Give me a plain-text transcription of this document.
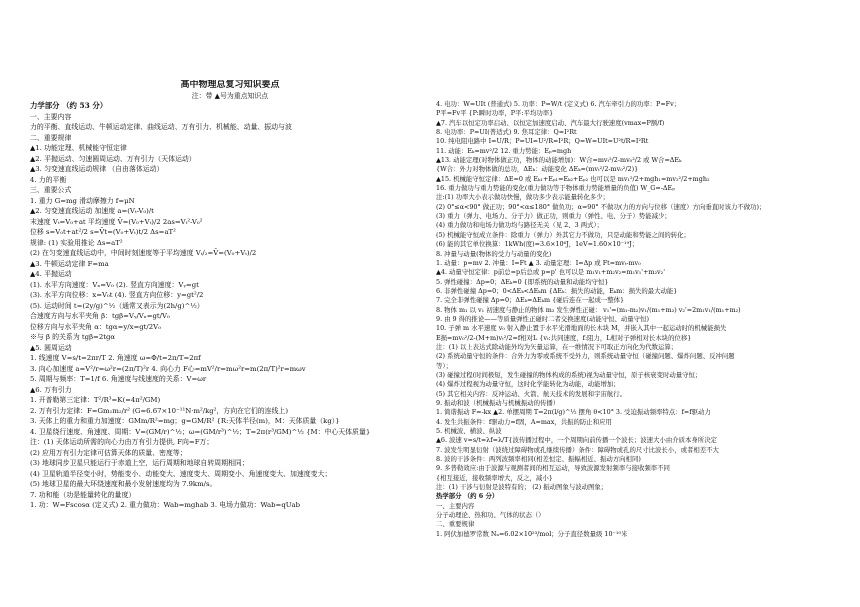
高中物理总复习知识要点
注：带 ▲号为重点知识点
力学部分 （约 53 分）
一、主要内容
力的平衡、直线运动、牛顿运动定律、曲线运动、万有引力、机械能、动量、振动与波
二、重要规律
▲1. 功能定理、机械能守恒定律
▲2. 平抛运动、匀速圆周运动、万有引力（天体运动）
▲3. 匀变速直线运动规律 （自由落体运动）
4. 力的平衡
三、重要公式
1. 重力 G=mg 滑动摩擦力 f=μN
▲2. 匀变速直线运动 加速度 a=(Vₜ-V₀)/t
末速度 Vₜ=V₀+at 平均速度 V̄=(V₀+Vₜ)/2 2as=Vₜ²-V₀²
位移 s=V₀t+at²/2 s=V̄t=(V₀+Vₜ)t/2 Δs=aT²
规律: (1) 实验用推论 Δs=aT²
(2) 在匀变速直线运动中，中间时刻速度等于平均速度 Vₜ/₂=V̄=(V₀+Vₜ)/2
▲3. 牛顿运动定律 F=ma
▲4. 平抛运动
(1). 水平方向速度：Vₓ=V₀ (2). 竖直方向速度：Vᵧ=gt
(3). 水平方向位移：x=V₀t (4). 竖直方向位移：y=gt²/2
(5). 运动时间 t=(2y/g)^½（通常又表示为(2h/g)^½）
合速度方向与水平夹角 β：tgβ=Vᵧ/Vₓ=gt/V₀
位移方向与水平夹角 α：tgα=y/x=gt/2V₀
※与 β 的关系为 tgβ=2tgα
▲5. 圆周运动
1. 线速度 V=s/t=2πr/T 2. 角速度 ω=Φ/t=2π/T=2πf
3. 向心加速度 a=V²/r=ω²r=(2π/T)²r 4. 向心力 F心=mV²/r=mω²r=m(2π/T)²r=mωv
5. 周期与频率：T=1/f 6. 角速度与线速度的关系：V=ωr
▲6. 万有引力
1. 开普勒第三定律：T²/R³=K(=4π²/GM)
2. 万有引力定律：F=Gm₁m₂/r² (G=6.67×10⁻¹¹N·m²/kg²，方向在它们的连线上)
3. 天体上的重力和重力加速度：GMm/R²=mg；g=GM/R² {R:天体半径(m)，M：天体质量（kg）}
4. 卫星绕行速度、角速度、周期：V=(GM/r)^½；ω=(GM/r³)^½；T=2π(r³/GM)^½ {M：中心天体质量}
注：(1) 天体运动所需的向心力由万有引力提供, F向=F万；
(2) 应用万有引力定律可估算天体的质量、密度等；
(3) 地球同步卫星只能运行于赤道上空，运行周期和地球自转周期相同；
(4) 卫星轨道半径变小时，势能变小、动能变大、速度变大、周期变小、角速度变大、加速度变大；
(5) 地球卫星的最大环绕速度和最小发射速度均为 7.9km/s。
7. 功和能（功是能量转化的量度）
1. 功：W=Fscosα (定义式) 2. 重力做功：Wab=mghab 3. 电场力做功：Wab=qUab
4. 电功：W=UIt (普通式) 5. 功率：P=W/t (定义式) 6. 汽车牵引力的功率：P=Fv；
P平=Fv平 {P:瞬时功率，P平:平均功率}
▲7. 汽车以恒定功率启动、以恒定加速度启动、汽车最大行驶速度(vmax=P额/f)
8. 电功率：P=UI(普适式) 9. 焦耳定律：Q=I²Rt
10. 纯电阻电路中 I=U/R；P=UI=U²/R=I²R；Q=W=UIt=U²t/R=I²Rt
11. 动能：Eₖ=mv²/2 12. 重力势能：Eₚ=mgh
▲13. 动能定理(对物体做正功，物体的动能增加)：W合=mvₜ²/2-mv₀²/2 或 W合=ΔEₖ
{W合：外力对物体做的总功，ΔEₖ：动能变化 ΔEₖ=(mvₜ²/2-mv₀²/2)}
▲15. 机械能守恒定律：ΔE=0 或 Eₖ₁+Eₚ₁=Eₖ₂+Eₚ₂ 也可以是 mv₁²/2+mgh₁=mv₂²/2+mgh₂
16. 重力做功与重力势能的变化(重力做功等于物体重力势能增量的负值) W_G=-ΔEₚ
注:(1) 功率大小表示做功快慢，做功多少表示能量转化多少；
(2) 0°≤α<90° 做正功；90°<α≤180° 做负功；α=90° 不做功(力的方向与位移（速度）方向垂直时该力不做功)；
(3) 重力（弹力、电场力、分子力）做正功，则重力（弹性、电、分子）势能减少；
(4) 重力做功和电场力做功均与路径无关（见 2、3 两式）；
(5) 机械能守恒成立条件：除重力（弹力）外其它力不做功，只是动能和势能之间的转化；
(6) 能的其它单位换算：1kWh(度)=3.6×10⁶J，1eV=1.60×10⁻¹⁹J；
8. 冲量与动量(物体的受力与动量的变化)
1. 动量：p=mv 2. 冲量：I=Ft ▲ 3. 动量定理：I=Δp 或 Ft=mvₜ-mv₀
▲4. 动量守恒定律：p前总=p后总或 p=p' 也可以是 m₁v₁+m₂v₂=m₁v₁'+m₂v₂'
5. 弹性碰撞：Δp=0；ΔEₖ=0 {即系统的动量和动能均守恒}
6. 非弹性碰撞 Δp=0；0<ΔEₖ<ΔEₖm {ΔEₖ：损失的动能，Eₖm：损失的最大动能}
7. 完全非弹性碰撞 Δp=0；ΔEₖ=ΔEₖm {碰后连在一起成一整体}
8. 物体 m₁ 以 v₁ 初速度与静止的物体 m₂ 发生弹性正碰： v₁'=(m₁-m₂)v₁/(m₁+m₂) v₂'=2m₁v₁/(m₁+m₂)
9. 由 9 得的推论——等质量弹性正碰时二者交换速度(动能守恒、动量守恒)
10. 子弹 m 水平速度 v₀ 射入静止置于水平光滑地面的长木块 M，并嵌入其中一起运动时的机械能损失
E损=mv₀²/2-(M+m)vₜ²/2=f相对L {vₜ:共同速度，f:阻力，L相对子弹相对长木块的位移}
注：(1) 以上表达式除动能外均为矢量运算，在一维情况下可取正方向化为代数运算；
(2) 系统动量守恒的条件：合外力为零或系统不受外力，则系统动量守恒（碰撞问题、爆炸问题、反冲问题
等）；
(3) 碰撞过程(时间极短，发生碰撞的物体构成的系统)视为动量守恒，原子核衰变时动量守恒；
(4) 爆炸过程视为动量守恒，这时化学能转化为动能，动能增加；
(5) 其它相关内容：反冲运动、火箭、航天技术的发展和宇宙航行。
9. 振动和波（机械振动与机械振动的传播）
1. 简谐振动 F=-kx ▲2. 单摆周期 T=2π(l/g)^½ 摆角 θ<10° 3. 受迫振动频率特点：f=f驱动力
4. 发生共振条件：f驱动力=f固，A=max，共振的防止和应用
5. 机械波、横波、纵波
▲6. 波速 v=s/t=λf=λ/T{波传播过程中，一个周期向前传播一个波长；波速大小由介质本身所决定
7. 波发生明显衍射（波绕过障碍物或孔继续传播）条件：障碍物或孔的尺寸比波长小，或者相差不大
8. 波的干涉条件：两列波频率相同(相差恒定、振幅相近、振动方向相同)
9. 多普勒效应:由于波源与观测者间的相互运动，导致波源发射频率与接收频率不同
{相互接近，接收频率增大，反之，减小}
注：(1) 干涉与衍射是波特有的； (2) 振动图象与波动图象；
热学部分 （约 6 分）
一、主要内容
分子动理论、热和功、气体的状态（）
二、重要规律
1. 阿伏加德罗常数 Nₐ=6.02×10²³/mol；分子直径数量级 10⁻¹⁰米
